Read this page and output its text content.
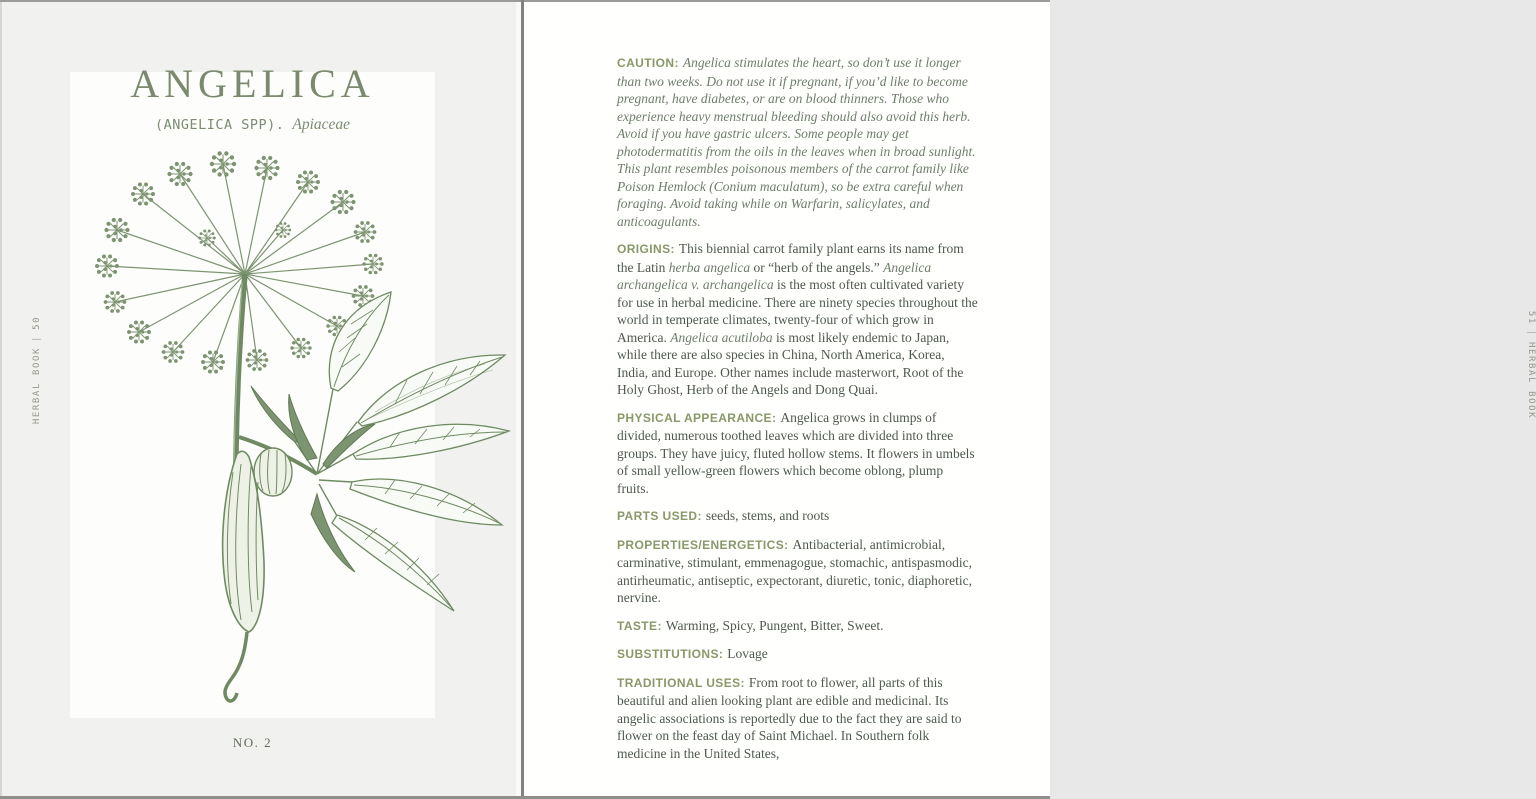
ANGELICA
(ANGELICA SPP). Apiaceae
NO. 2
HERBAL BOOK|50

CAUTION: Angelica stimulates the heart, so don’t use it longer than two weeks. Do not use it if pregnant, if you’d like to become pregnant, have diabetes, or are on blood thinners. Those who experience heavy menstrual bleeding should also avoid this herb. Avoid if you have gastric ulcers. Some people may get photodermatitis from the oils in the leaves when in broad sunlight. This plant resembles poisonous members of the carrot family like Poison Hemlock (Conium maculatum), so be extra careful when foraging. Avoid taking while on Warfarin, salicylates, and anticoagulants.

ORIGINS: This biennial carrot family plant earns its name from the Latin herba angelica or “herb of the angels.” Angelica archangelica v. archangelica is the most often cultivated variety for use in herbal medicine. There are ninety species throughout the world in temperate climates, twenty-four of which grow in America. Angelica acutiloba is most likely endemic to Japan, while there are also species in China, North America, Korea, India, and Europe. Other names include masterwort, Root of the Holy Ghost, Herb of the Angels and Dong Quai.

PHYSICAL APPEARANCE: Angelica grows in clumps of divided, numerous toothed leaves which are divided into three groups. They have juicy, fluted hollow stems. It flowers in umbels of small yellow-green flowers which become oblong, plump fruits.

PARTS USED: seeds, stems, and roots

PROPERTIES/ENERGETICS: Antibacterial, antimicrobial, carminative, stimulant, emmenagogue, stomachic, antispasmodic, antirheumatic, antiseptic, expectorant, diuretic, tonic, diaphoretic, nervine.

TASTE: Warming, Spicy, Pungent, Bitter, Sweet.

SUBSTITUTIONS: Lovage

TRADITIONAL USES: From root to flower, all parts of this beautiful and alien looking plant are edible and medicinal. Its angelic associations is reportedly due to the fact they are said to flower on the feast day of Saint Michael. In Southern folk medicine in the United States,

51|HERBAL BOOK
